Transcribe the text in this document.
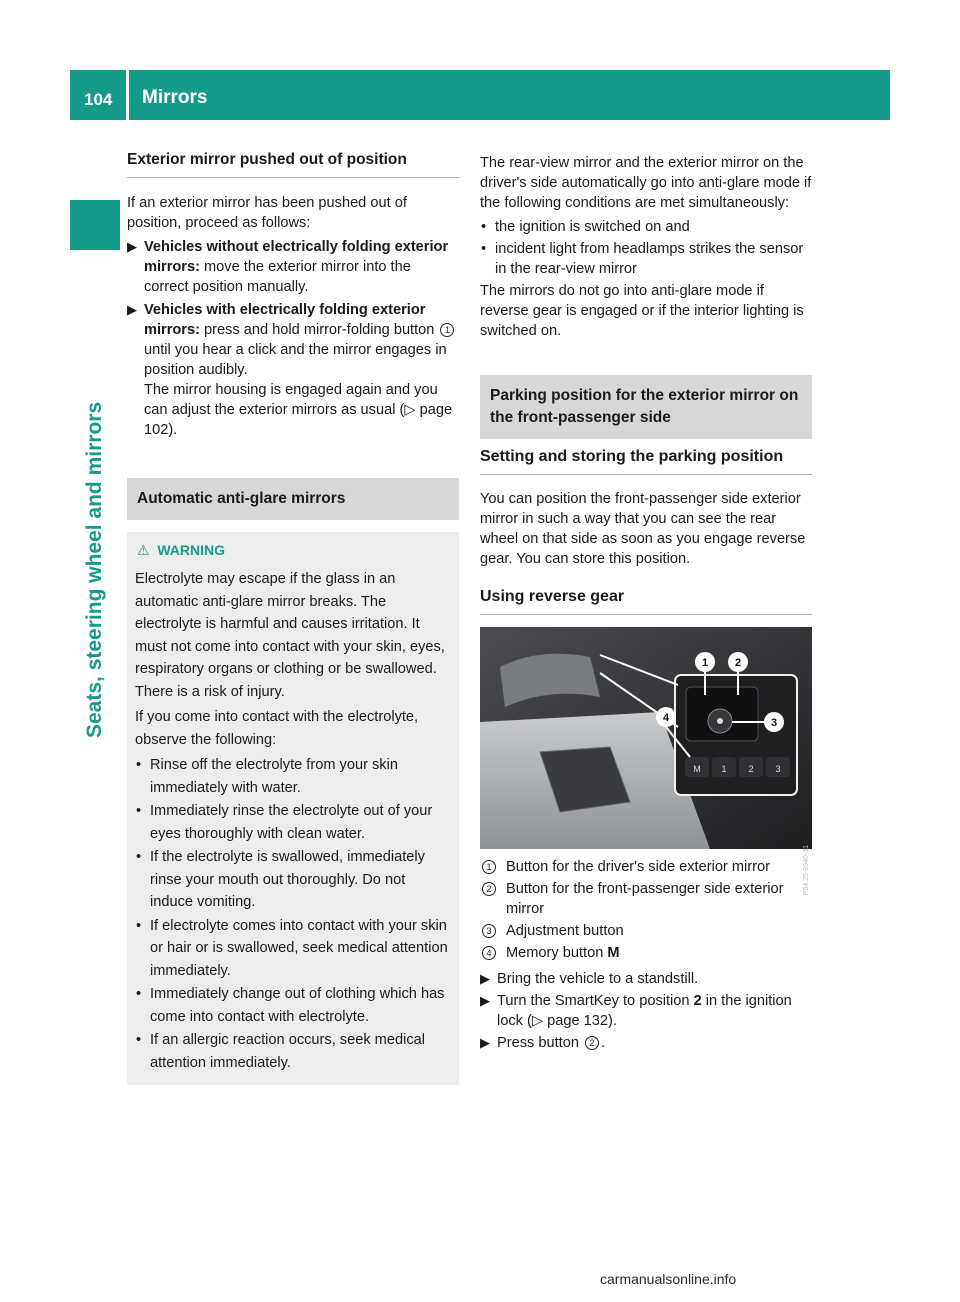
104 Mirrors
Seats, steering wheel and mirrors
Exterior mirror pushed out of position

If an exterior mirror has been pushed out of position, proceed as follows:

▶ Vehicles without electrically folding exterior mirrors: move the exterior mirror into the correct position manually.
▶ Vehicles with electrically folding exterior mirrors: press and hold mirror-folding button 1 until you hear a click and the mirror engages in position audibly.
The mirror housing is engaged again and you can adjust the exterior mirrors as usual (▷ page 102).
Automatic anti-glare mirrors
⚠ WARNING

Electrolyte may escape if the glass in an automatic anti-glare mirror breaks. The electrolyte is harmful and causes irritation. It must not come into contact with your skin, eyes, respiratory organs or clothing or be swallowed. There is a risk of injury.

If you come into contact with the electrolyte, observe the following:

• Rinse off the electrolyte from your skin immediately with water.
• Immediately rinse the electrolyte out of your eyes thoroughly with clean water.
• If the electrolyte is swallowed, immediately rinse your mouth out thoroughly. Do not induce vomiting.
• If electrolyte comes into contact with your skin or hair or is swallowed, seek medical attention immediately.
• Immediately change out of clothing which has come into contact with electrolyte.
• If an allergic reaction occurs, seek medical attention immediately.

The rear-view mirror and the exterior mirror on the driver's side automatically go into anti-glare mode if the following conditions are met simultaneously:

• the ignition is switched on and
• incident light from headlamps strikes the sensor in the rear-view mirror

The mirrors do not go into anti-glare mode if reverse gear is engaged or if the interior lighting is switched on.

Parking position for the exterior mirror on the front-passenger side
Setting and storing the parking position

You can position the front-passenger side exterior mirror in such a way that you can see the rear wheel on that side as soon as you engage reverse gear. You can store this position.

Using reverse gear
M 1 2 3
1 2
3
4
P54.25-9940-31
1 Button for the driver's side exterior mirror
2 Button for the front-passenger side exterior mirror
3 Adjustment button
4 Memory button M
▶ Bring the vehicle to a standstill.
▶ Turn the SmartKey to position 2 in the ignition lock (▷ page 132).
▶ Press button 2 .
carmanualsonline.info
